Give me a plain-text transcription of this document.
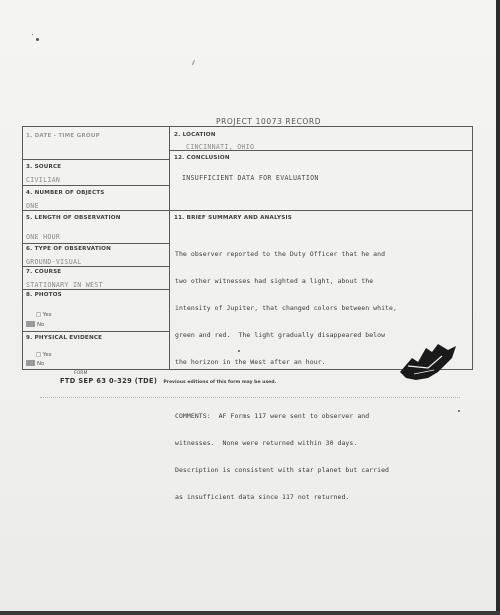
PROJECT 10073 RECORD
1. DATE - TIME GROUP	2. LOCATION
CINCINNATI, OHIO
3. SOURCE
CIVILIAN
12. CONCLUSION
INSUFFICIENT DATA FOR EVALUATION
4. NUMBER OF OBJECTS
ONE
5. LENGTH OF OBSERVATION
ONE HOUR
11. BRIEF SUMMARY AND ANALYSIS

The observer reported to the Duty Officer that he and

two other witnesses had sighted a light, about the

intensity of Jupiter, that changed colors between white,

green and red.  The light gradually disappeared below

the horizon in the West after an hour.

COMMENTS:  AF Forms 117 were sent to observer and

witnesses.  None were returned within 30 days.

Description is consistent with star planet but carried

as insufficient data since 117 not returned.

6. TYPE OF OBSERVATION
GROUND-VISUAL
7. COURSE
STATIONARY IN WEST
8. PHOTOS
□ Yes
No
9. PHYSICAL EVIDENCE
□ Yes
No
FORM
FTD SEP 63 0-329 (TDE) Previous editions of this form may be used.
